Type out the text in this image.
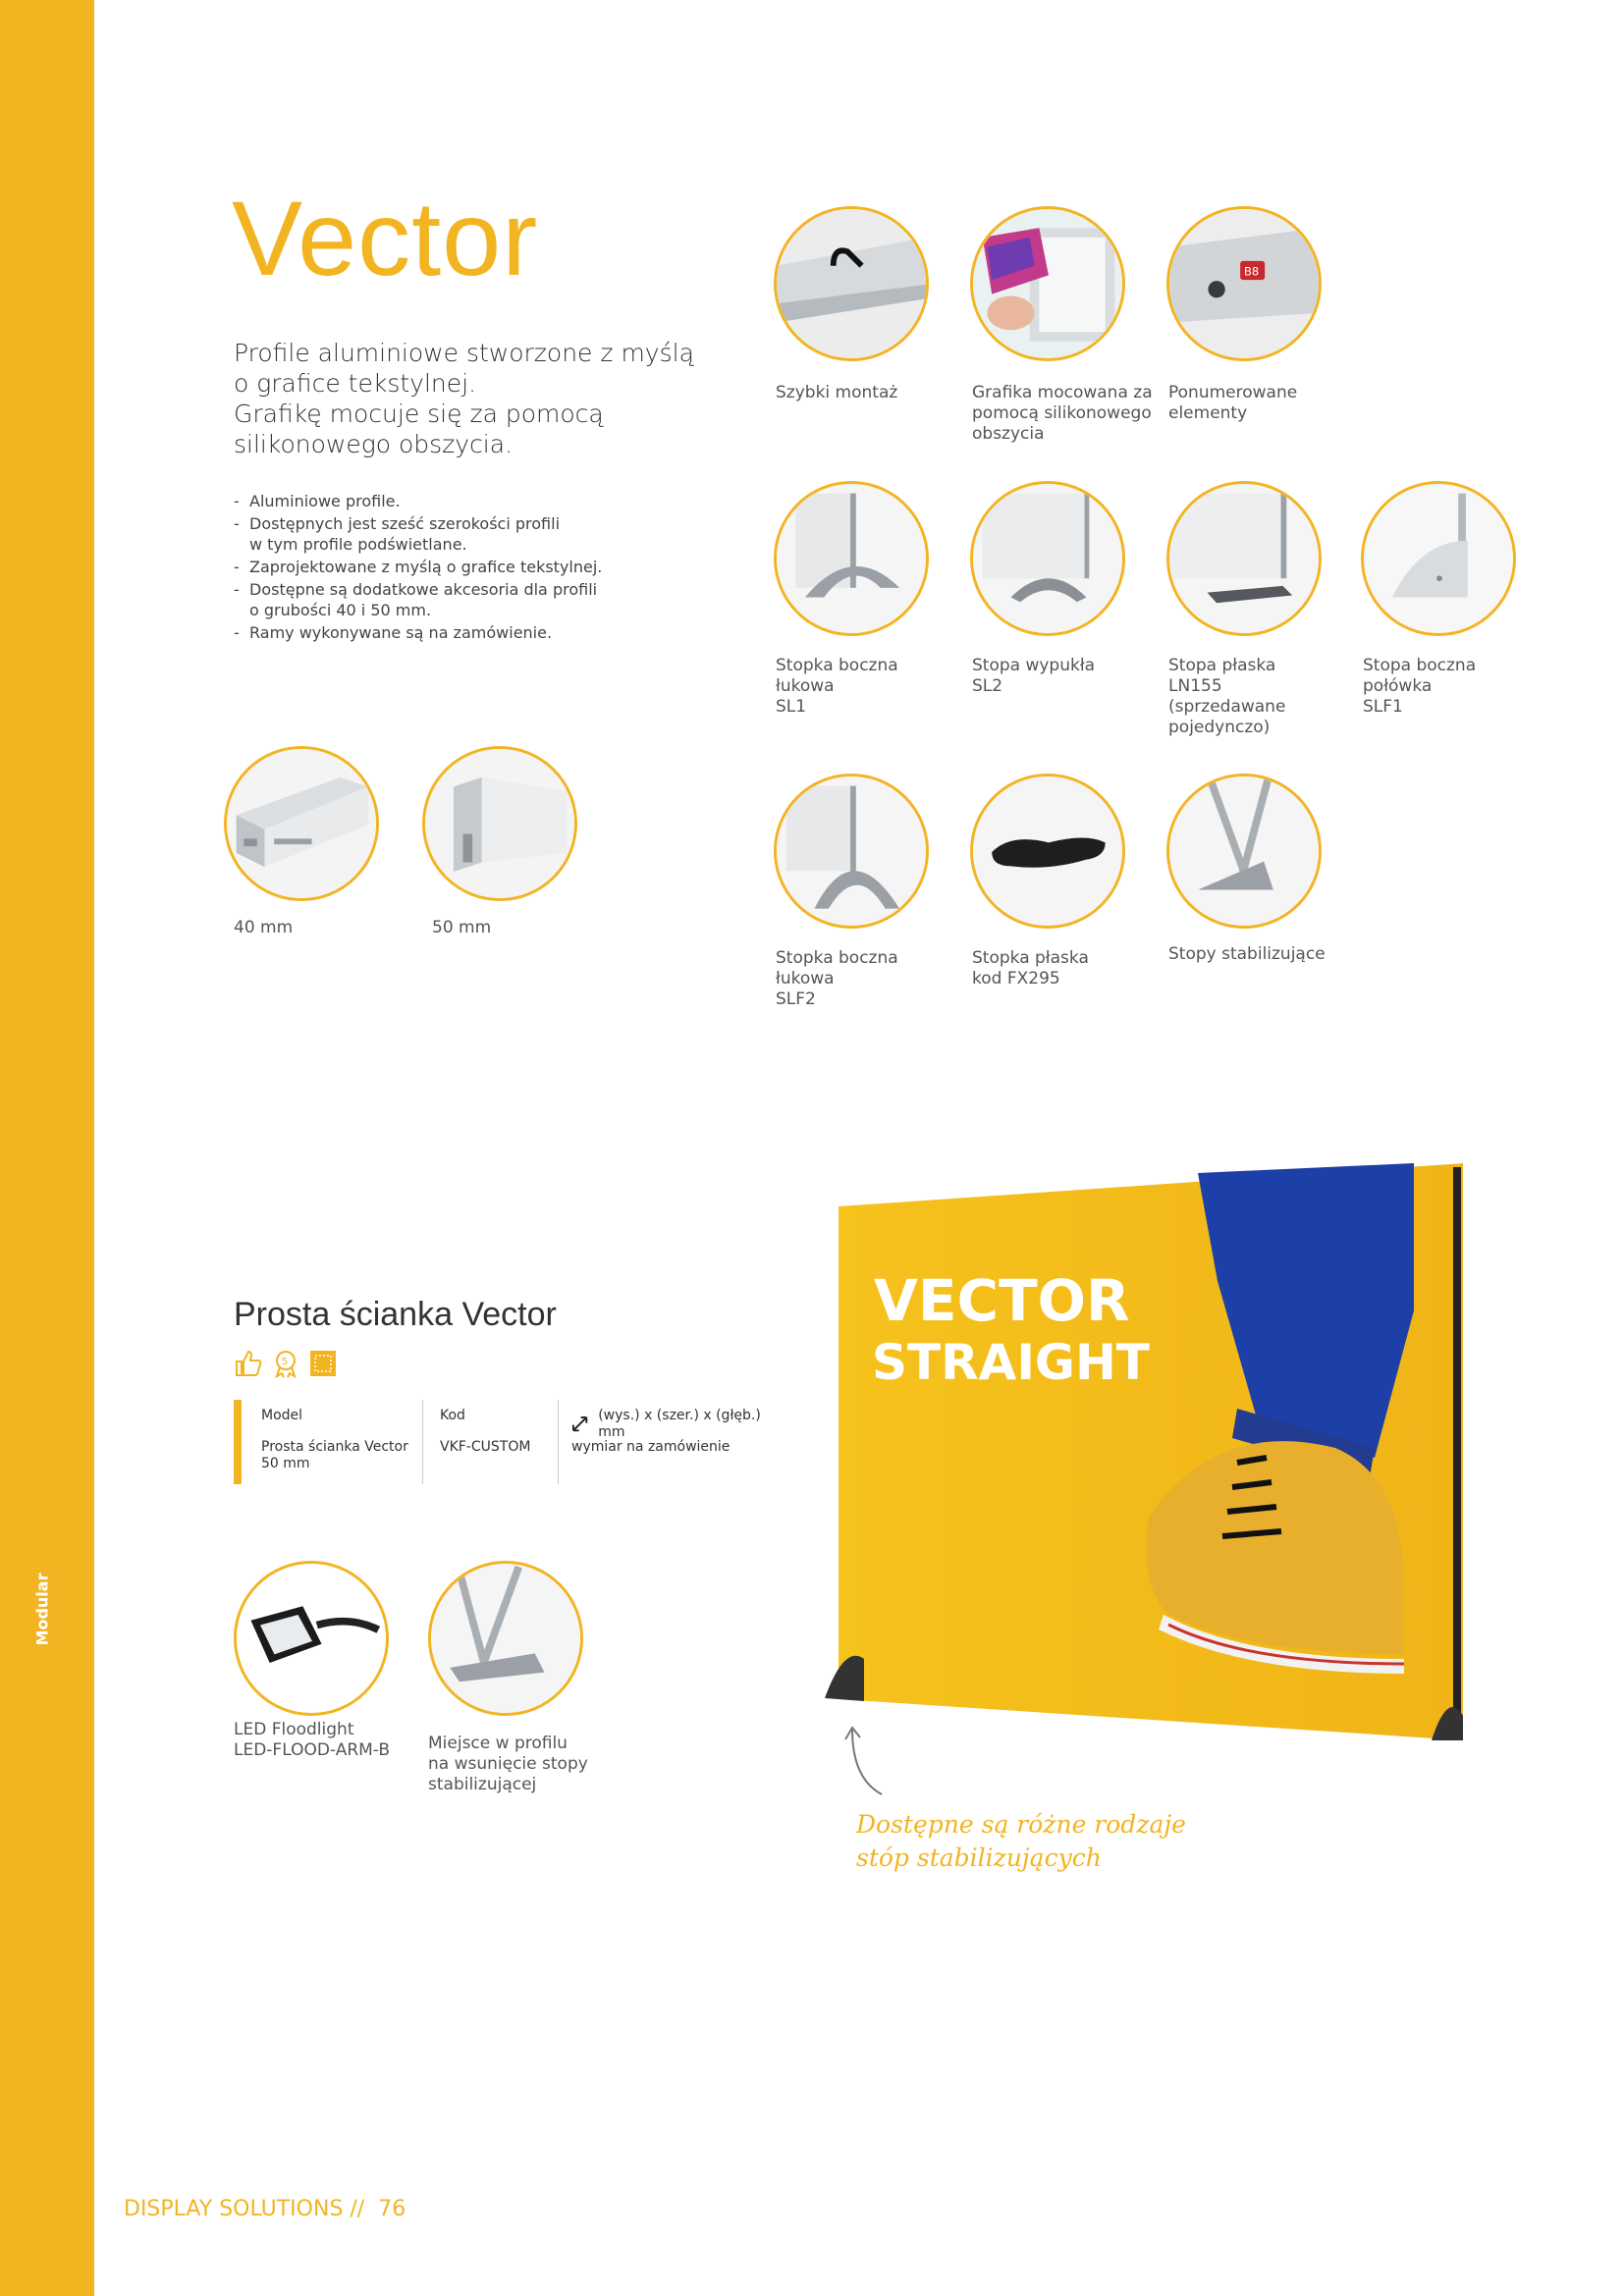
Modular
Vector
Profile aluminiowe stworzone z myślą
o grafice tekstylnej.
Grafikę mocuje się za pomocą
silikonowego obszycia.
- Aluminiowe profile.
- Dostępnych jest sześć szerokości profili
w tym profile podświetlane.
- Zaprojektowane z myślą o grafice tekstylnej.
- Dostępne są dodatkowe akcesoria dla profili
o grubości 40 i 50 mm.
- Ramy wykonywane są na zamówienie.
40 mm	50 mm
Szybki montaż	Grafika mocowana za
pomocą silikonowego
obszycia
B8
Ponumerowane
elementy
Stopka boczna
łukowa
SL1
Stopa wypukła
SL2
Stopa płaska
LN155
(sprzedawane
pojedynczo)
Stopa boczna
połówka
SLF1
Stopka boczna
łukowa
SLF2
Stopka płaska
kod FX295
Stopy stabilizujące
Prosta ścianka Vector
5
Model
Prosta ścianka Vector
50 mm
Kod
VKF-CUSTOM
(wys.) x (szer.) x (głęb.) mm
wymiar na zamówienie
LED Floodlight
LED-FLOOD-ARM-B Miejsce w profilu
na wsunięcie stopy
stabilizującej
VECTOR
STRAIGHT
Dostępne są różne rodzaje
stóp stabilizujących
DISPLAY SOLUTIONS // 76
